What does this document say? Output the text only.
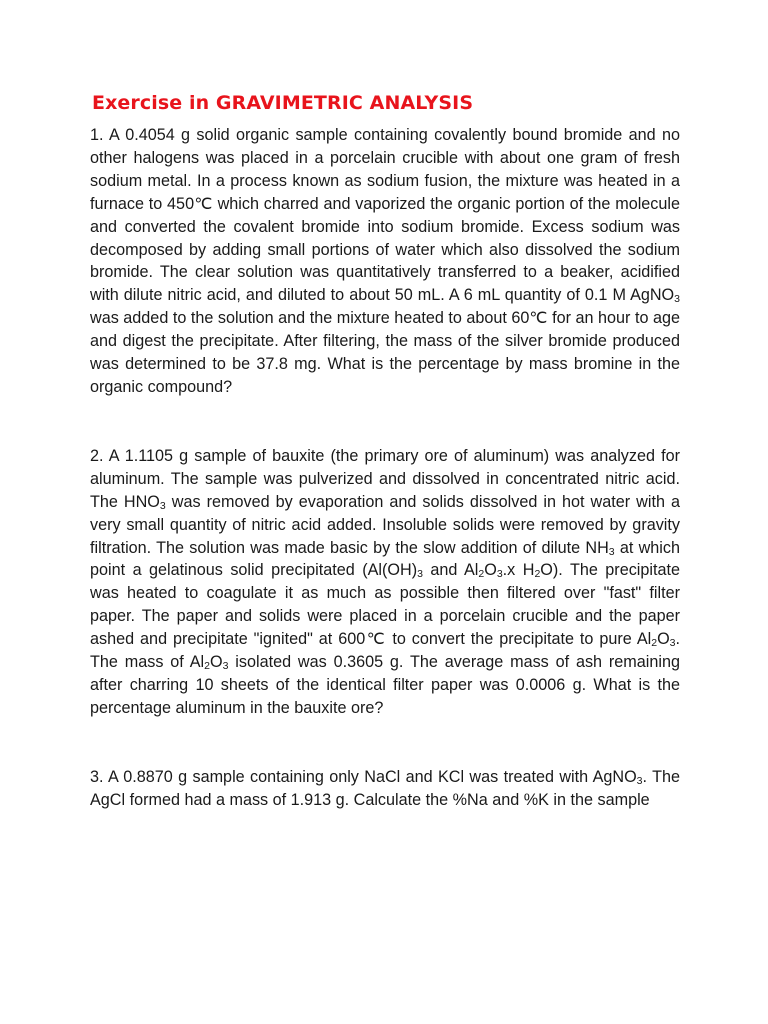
Exercise in GRAVIMETRIC ANALYSIS

1. A 0.4054 g solid organic sample containing covalently bound bromide and no other halogens was placed in a porcelain crucible with about one gram of fresh sodium metal. In a process known as sodium fusion, the mixture was heated in a furnace to 450℃ which charred and vaporized the organic portion of the molecule and converted the covalent bromide into sodium bromide. Excess sodium was decomposed by adding small portions of water which also dissolved the sodium bromide. The clear solution was quantitatively transferred to a beaker, acidified with dilute nitric acid, and diluted to about 50 mL. A 6 mL quantity of 0.1 M AgNO$_3$ was added to the solution and the mixture heated to about 60℃ for an hour to age and digest the precipitate. After filtering, the mass of the silver bromide produced was determined to be 37.8 mg. What is the percentage by mass bromine in the organic compound?

2. A 1.1105 g sample of bauxite (the primary ore of aluminum) was analyzed for aluminum. The sample was pulverized and dissolved in concentrated nitric acid. The $HNO_3$ was removed by evaporation and solids dissolved in hot water with a very small quantity of nitric acid added. Insoluble solids were removed by gravity filtration. The solution was made basic by the slow addition of dilute $NH_3$ at which point a gelatinous solid precipitated ($Al(OH)_3$ and $Al_2O_3.x$ $H_2O$). The precipitate was heated to coagulate it as much as possible then filtered over "fast" filter paper. The paper and solids were placed in a porcelain crucible and the paper ashed and precipitate "ignited" at 600℃ to convert the precipitate to pure $Al_2O_3$. The mass of $Al_2O_3$ isolated was 0.3605 g. The average mass of ash remaining after charring 10 sheets of the identical filter paper was 0.0006 g. What is the percentage aluminum in the bauxite ore?

3. A 0.8870 g sample containing only NaCl and KCl was treated with AgNO$_3$. The AgCl formed had a mass of 1.913 g. Calculate the %Na and %K in the sample
